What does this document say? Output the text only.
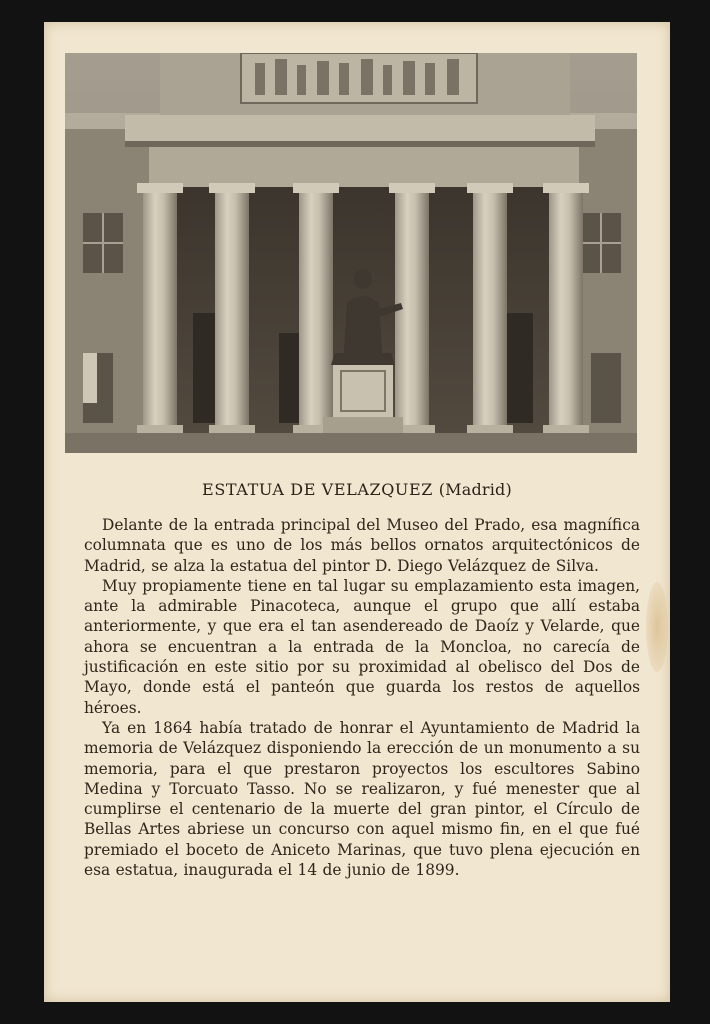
ESTATUA DE VELAZQUEZ (Madrid)

Delante de la entrada principal del Museo del Prado, esa magnífica columnata que es uno de los más bellos ornatos arquitectónicos de Madrid, se alza la estatua del pintor D. Diego Velázquez de Silva.

Muy propiamente tiene en tal lugar su emplazamiento esta imagen, ante la admirable Pinacoteca, aunque el grupo que allí estaba anteriormente, y que era el tan asendereado de Daoíz y Velarde, que ahora se encuentran a la entrada de la Moncloa, no carecía de justificación en este sitio por su proximidad al obelisco del Dos de Mayo, donde está el panteón que guarda los restos de aquellos héroes.

Ya en 1864 había tratado de honrar el Ayuntamiento de Madrid la memoria de Velázquez disponiendo la erección de un monumento a su memoria, para el que prestaron proyectos los escultores Sabino Medina y Torcuato Tasso. No se realizaron, y fué menester que al cumplirse el centenario de la muerte del gran pintor, el Círculo de Bellas Artes abriese un concurso con aquel mismo fin, en el que fué premiado el boceto de Aniceto Marinas, que tuvo plena ejecución en esa estatua, inaugurada el 14 de junio de 1899.
